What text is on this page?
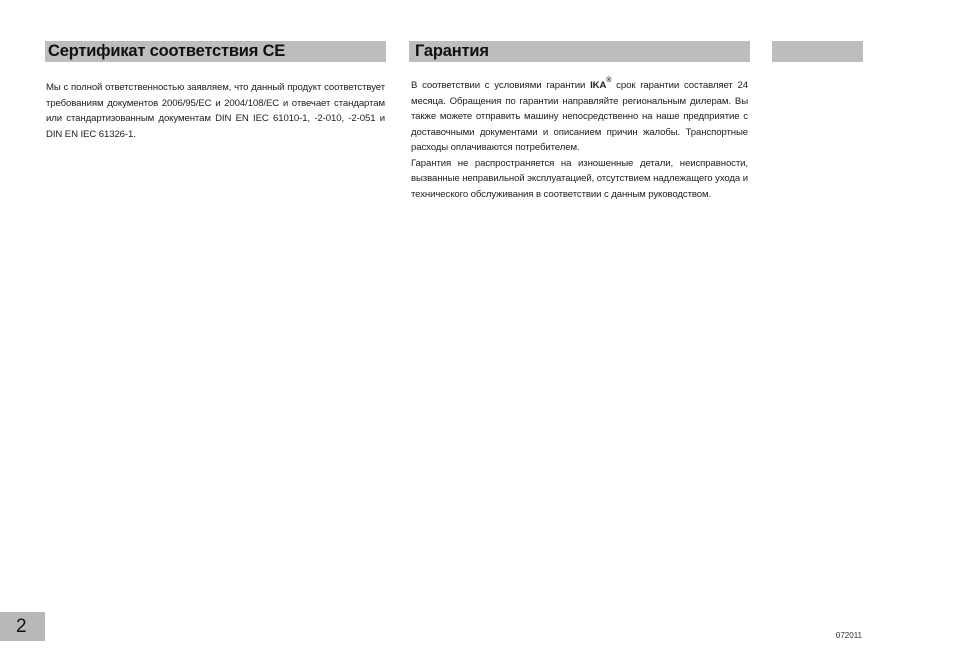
Сертификат соответствия CE

Мы с полной ответственностью заявляем, что данный продукт соответствует требованиям документов 2006/95/EC и 2004/108/EC и отвечает стандартам или стандартизованным документам DIN EN IEC 61010-1, -2-010, -2-051 и DIN EN IEC 61326-1.

Гарантия

В соответствии с условиями гарантии IKA® срок гарантии составляет 24 месяца. Обращения по гарантии направляйте региональным дилерам. Вы также можете отправить машину непосредственно на наше предприятие с доставочными документами и описанием причин жалобы. Транспортные расходы оплачиваются потребителем.

Гарантия не распространяется на изношенные детали, неисправности, вызванные неправильной эксплуатацией, отсутствием надлежащего ухода и технического обслуживания в соответствии с данным руководством.

2	072011
